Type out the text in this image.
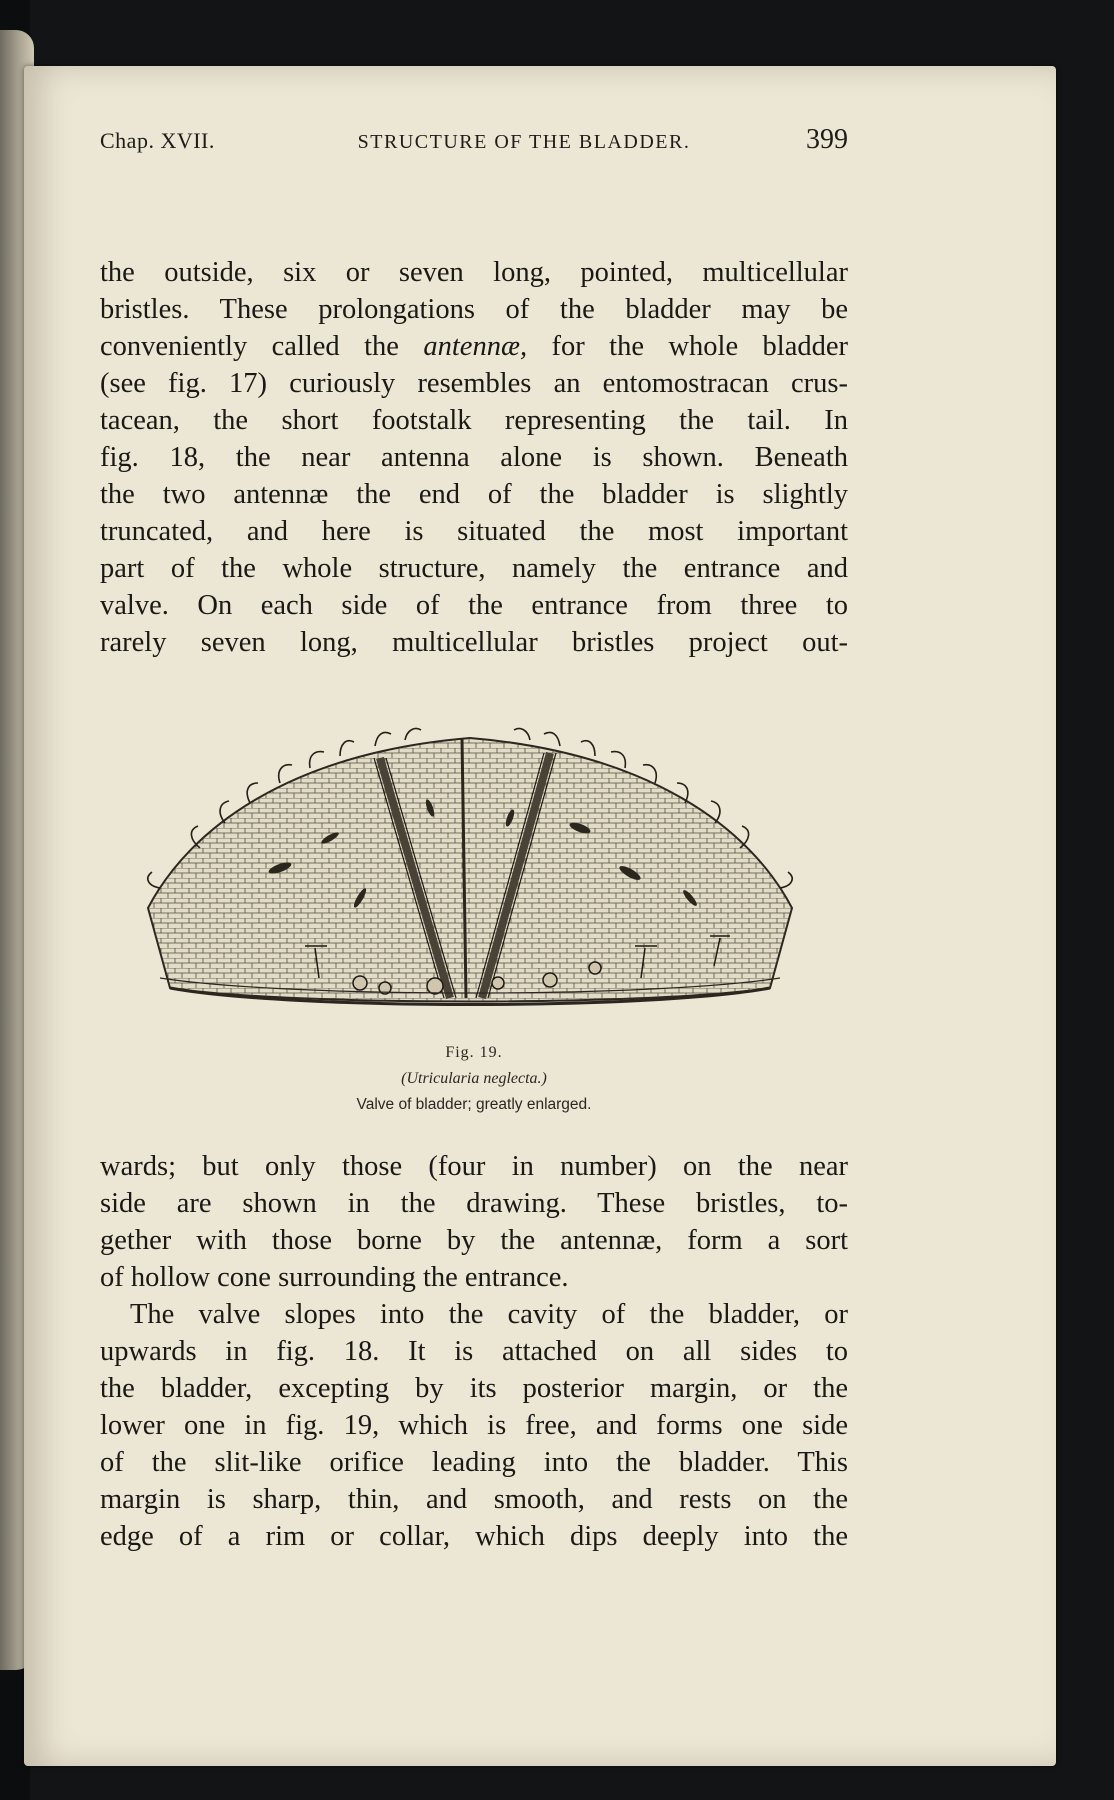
Chap. XVII.	STRUCTURE OF THE BLADDER.	399
the outside, six or seven long, pointed, multicellular
bristles. These prolongations of the bladder may be
conveniently called the antennæ, for the whole bladder
(see fig. 17) curiously resembles an entomostracan crus-
tacean, the short footstalk representing the tail. In
fig. 18, the near antenna alone is shown. Beneath
the two antennæ the end of the bladder is slightly
truncated, and here is situated the most important
part of the whole structure, namely the entrance and
valve. On each side of the entrance from three to
rarely seven long, multicellular bristles project out-
Fig. 19.
(Utricularia neglecta.)
Valve of bladder; greatly enlarged.
wards; but only those (four in number) on the near
side are shown in the drawing. These bristles, to-
gether with those borne by the antennæ, form a sort
of hollow cone surrounding the entrance.
The valve slopes into the cavity of the bladder, or
upwards in fig. 18. It is attached on all sides to
the bladder, excepting by its posterior margin, or the
lower one in fig. 19, which is free, and forms one side
of the slit-like orifice leading into the bladder. This
margin is sharp, thin, and smooth, and rests on the
edge of a rim or collar, which dips deeply into the
